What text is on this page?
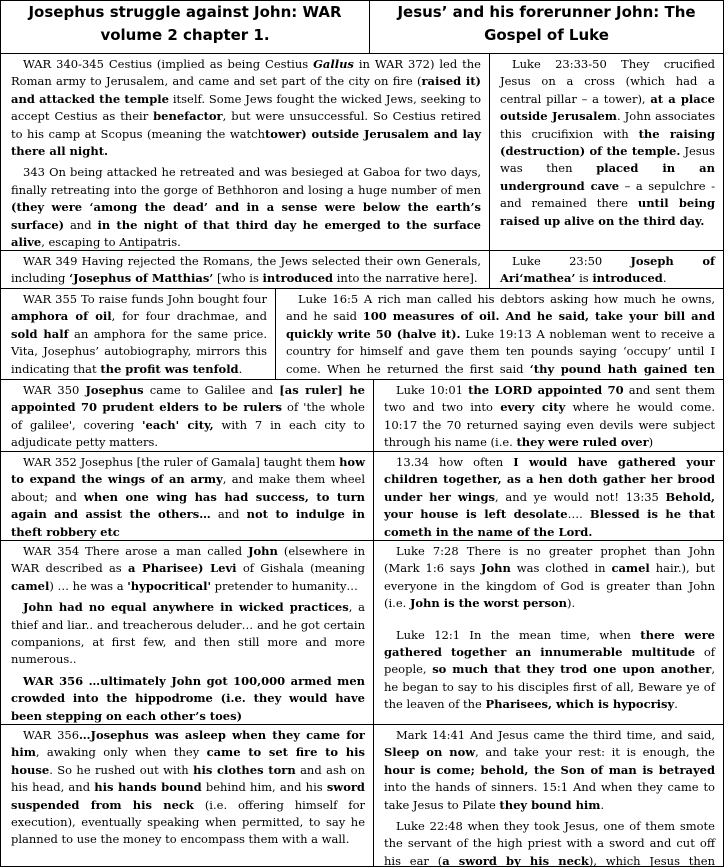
Josephus struggle against John: WAR volume 2 chapter 1.
Jesus’ and his forerunner John: The Gospel of Luke

WAR 340-345 Cestius (implied as being Cestius Gallus in WAR 372) led the Roman army to Jerusalem, and came and set part of the city on fire (raised it) and attacked the temple itself. Some Jews fought the wicked Jews, seeking to accept Cestius as their benefactor, but were unsuccessful. So Cestius retired to his camp at Scopus (meaning the watchtower) outside Jerusalem and lay there all night.

343 On being attacked he retreated and was besieged at Gaboa for two days, finally retreating into the gorge of Bethhoron and losing a huge number of men (they were ‘among the dead’ and in a sense were below the earth’s surface) and in the night of that third day he emerged to the surface alive, escaping to Antipatris.

Luke 23:33-50 They crucified Jesus on a cross (which had a central pillar – a tower), at a place outside Jerusalem. John associates this crucifixion with the raising (destruction) of the temple. Jesus was then placed in an underground cave – a sepulchre - and remained there until being raised up alive on the third day.

WAR 349 Having rejected the Romans, the Jews selected their own Generals, including ‘Josephus of Matthias’ [who is introduced into the narrative here].

Luke 23:50 Joseph of Ari‘mathea’ is introduced.

WAR 355 To raise funds John bought four amphora of oil, for four drachmae, and sold half an amphora for the same price. Vita, Josephus’ autobiography, mirrors this indicating that the profit was tenfold.

Luke 16:5 A rich man called his debtors asking how much he owns, and he said 100 measures of oil. And he said, take your bill and quickly write 50 (halve it). Luke 19:13 A nobleman went to receive a country for himself and gave them ten pounds saying ‘occupy’ until I come. When he returned the first said ‘thy pound hath gained ten

WAR 350 Josephus came to Galilee and [as ruler] he appointed 70 prudent elders to be rulers of 'the whole of galilee', covering 'each' city, with 7 in each city to adjudicate petty matters.

Luke 10:01 the LORD appointed 70 and sent them two and two into every city where he would come. 10:17 the 70 returned saying even devils were subject through his name (i.e. they were ruled over)

WAR 352 Josephus [the ruler of Gamala] taught them how to expand the wings of an army, and make them wheel about; and when one wing has had success, to turn again and assist the others… and not to indulge in theft robbery etc

13.34 how often I would have gathered your children together, as a hen doth gather her brood under her wings, and ye would not! 13:35 Behold, your house is left desolate…. Blessed is he that cometh in the name of the Lord.

WAR 354 There arose a man called John (elsewhere in WAR described as a Pharisee) Levi of Gishala (meaning camel) … he was a 'hypocritical' pretender to humanity…

John had no equal anywhere in wicked practices, a thief and liar.. and treacherous deluder… and he got certain companions, at first few, and then still more and more numerous..

WAR 356 …ultimately John got 100,000 armed men crowded into the hippodrome (i.e. they would have been stepping on each other’s toes)

Luke 7:28 There is no greater prophet than John (Mark 1:6 says John was clothed in camel hair.), but everyone in the kingdom of God is greater than John (i.e. John is the worst person).

Luke 12:1 In the mean time, when there were gathered together an innumerable multitude of people, so much that they trod one upon another, he began to say to his disciples first of all, Beware ye of the leaven of the Pharisees, which is hypocrisy.

WAR 356…Josephus was asleep when they came for him, awaking only when they came to set fire to his house. So he rushed out with his clothes torn and ash on his head, and his hands bound behind him, and his sword suspended from his neck (i.e. offering himself for execution), eventually speaking when permitted, to say he planned to use the money to encompass them with a wall.

Mark 14:41 And Jesus came the third time, and said, Sleep on now, and take your rest: it is enough, the hour is come; behold, the Son of man is betrayed into the hands of sinners. 15:1 And when they came to take Jesus to Pilate they bound him.

Luke 22:48 when they took Jesus, one of them smote the servant of the high priest with a sword and cut off his ear (a sword by his neck), which Jesus then
